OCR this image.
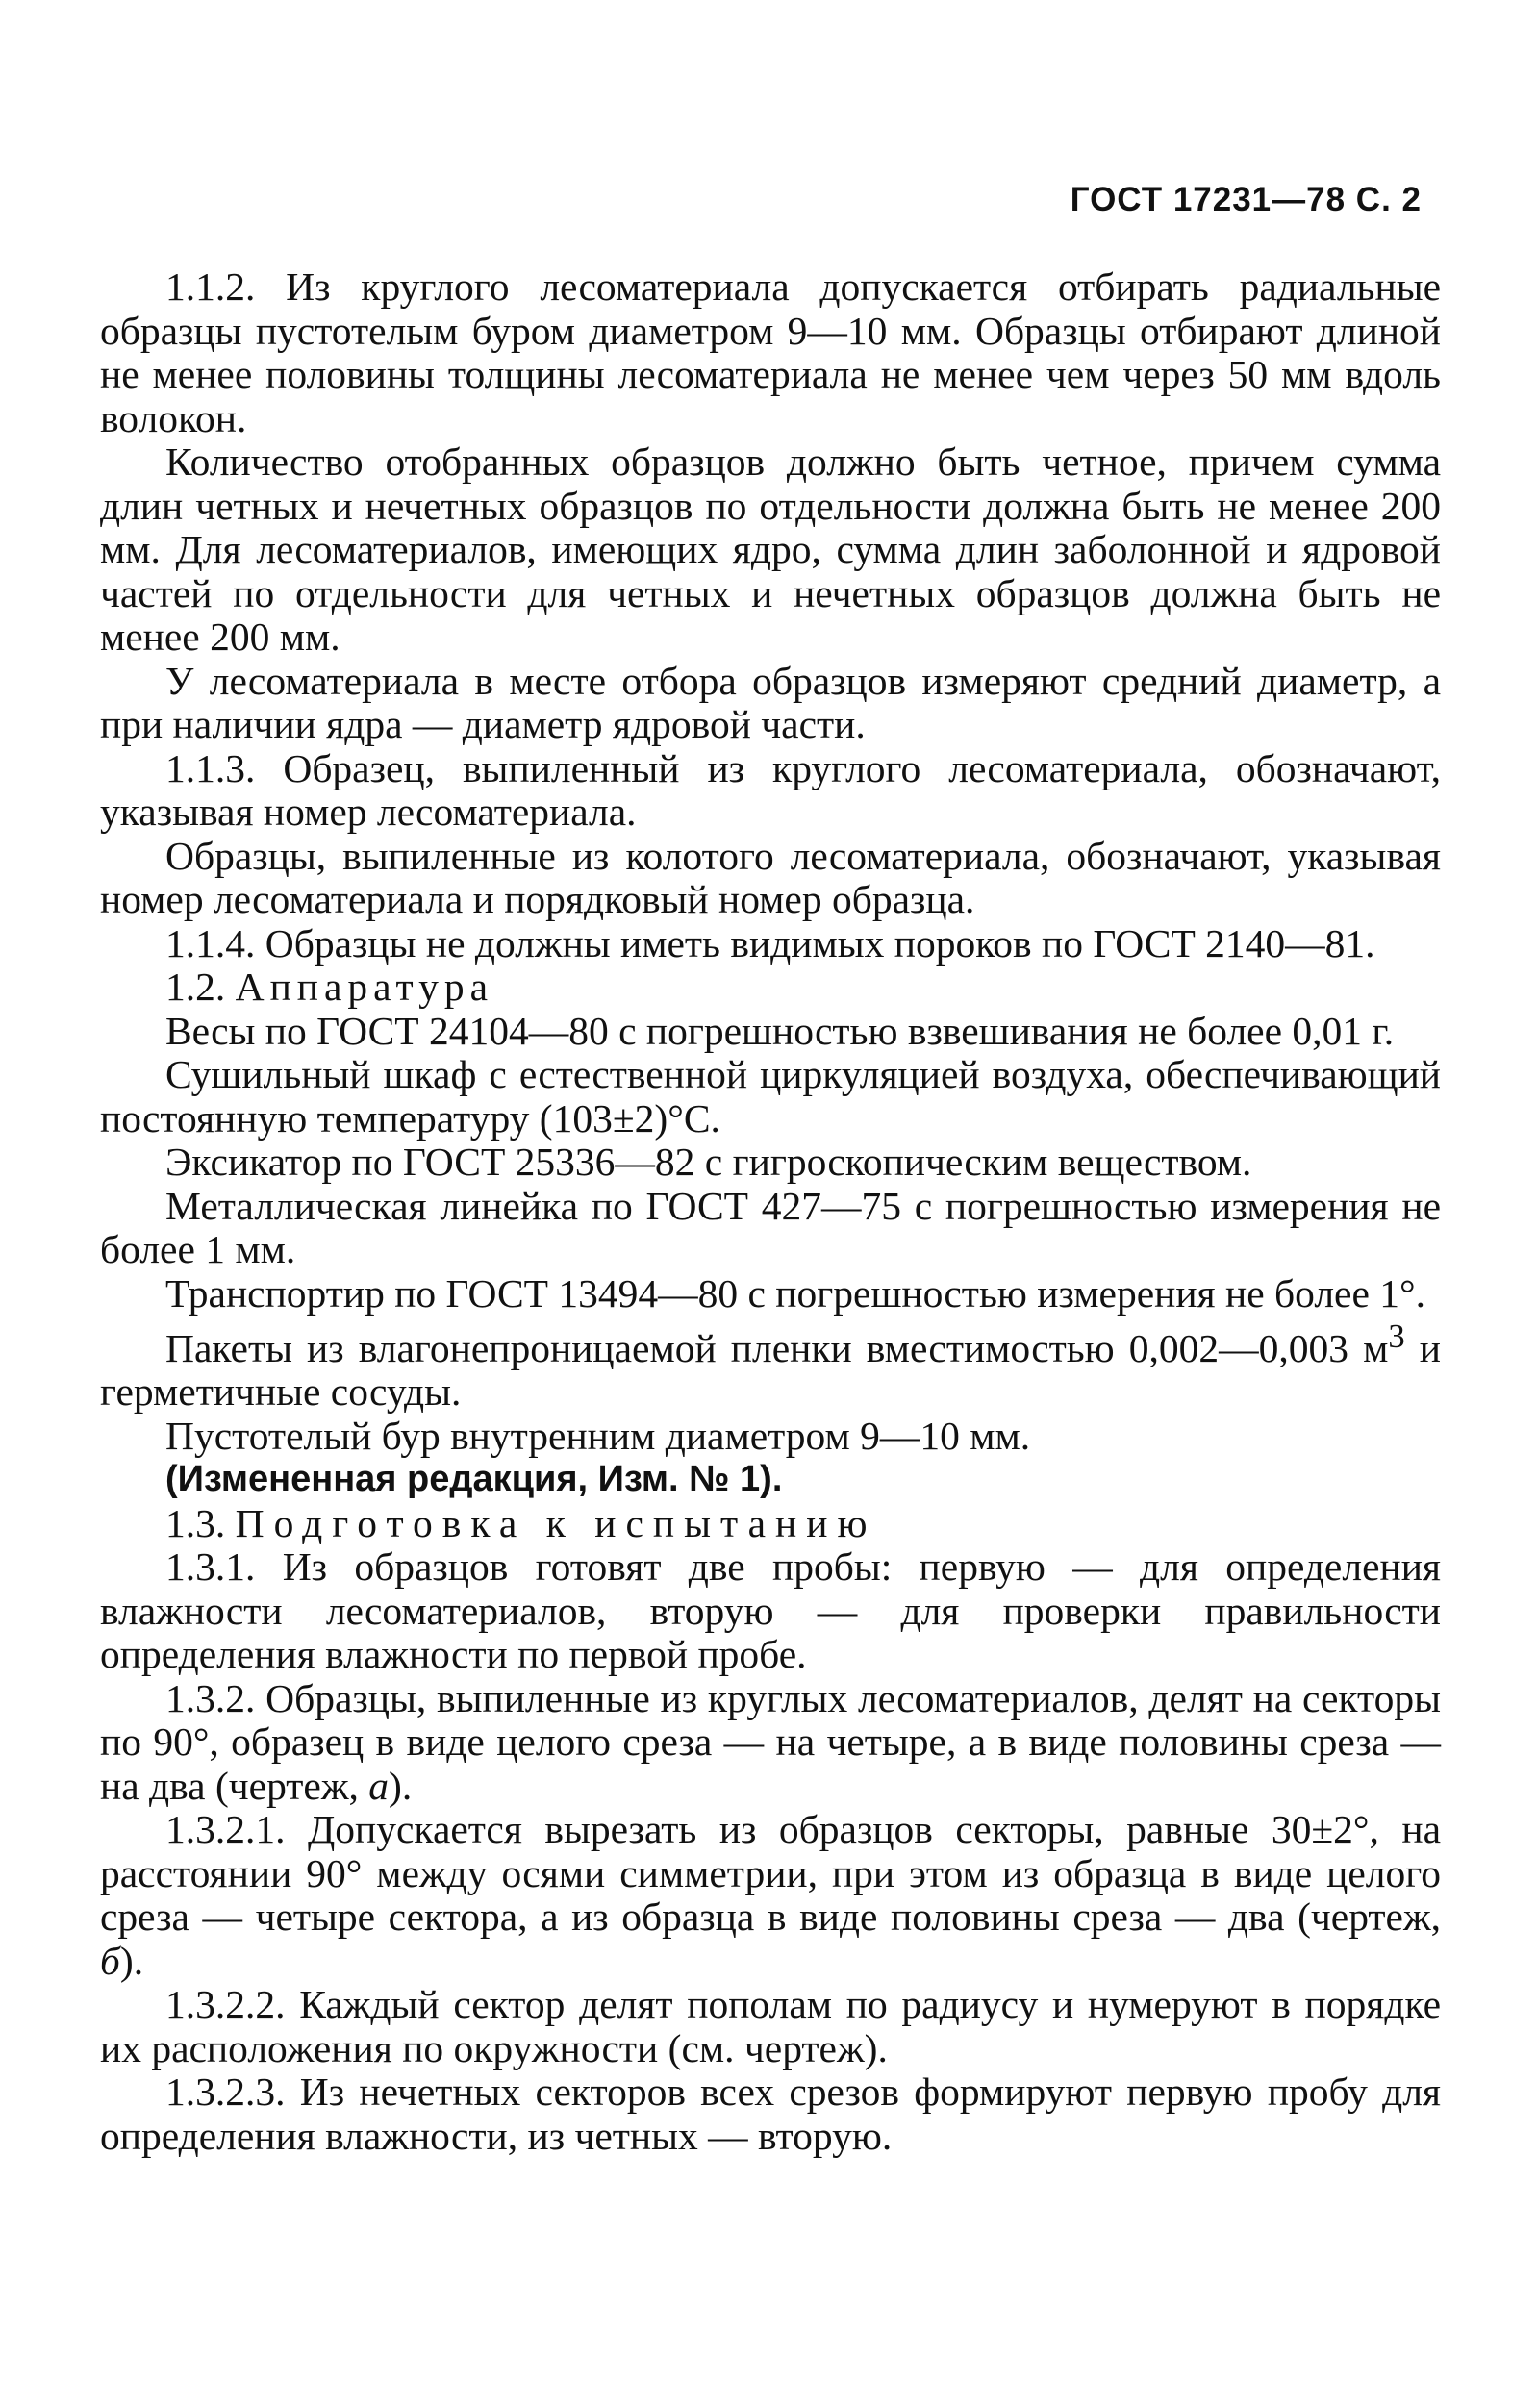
ГОСТ 17231—78 С. 2

1.1.2. Из круглого лесоматериала допускается отбирать радиальные образцы пустотелым буром диаметром 9—10 мм. Образцы отбирают длиной не менее половины толщины лесоматериала не менее чем через 50 мм вдоль волокон.

Количество отобранных образцов должно быть четное, причем сумма длин четных и нечетных образцов по отдельности должна быть не менее 200 мм. Для лесоматериалов, имеющих ядро, сумма длин заболонной и ядровой частей по отдельности для четных и нечетных образцов должна быть не менее 200 мм.

У лесоматериала в месте отбора образцов измеряют средний диаметр, а при наличии ядра — диаметр ядровой части.

1.1.3. Образец, выпиленный из круглого лесоматериала, обозначают, указывая номер лесоматериала.

Образцы, выпиленные из колотого лесоматериала, обозначают, указывая номер лесоматериала и порядковый номер образца.

1.1.4. Образцы не должны иметь видимых пороков по ГОСТ 2140—81.

1.2. Аппаратура

Весы по ГОСТ 24104—80 с погрешностью взвешивания не более 0,01 г.

Сушильный шкаф с естественной циркуляцией воздуха, обеспечивающий постоянную температуру (103±2)°С.

Эксикатор по ГОСТ 25336—82 с гигроскопическим веществом.

Металлическая линейка по ГОСТ 427—75 с погрешностью измерения не более 1 мм.

Транспортир по ГОСТ 13494—80 с погрешностью измерения не более 1°.

Пакеты из влагонепроницаемой пленки вместимостью 0,002—0,003 $м^3$ и герметичные сосуды.

Пустотелый бур внутренним диаметром 9—10 мм.

(Измененная редакция, Изм. № 1).

1.3. Подготовка к испытанию

1.3.1. Из образцов готовят две пробы: первую — для определения влажности лесоматериалов, вторую — для проверки правильности определения влажности по первой пробе.

1.3.2. Образцы, выпиленные из круглых лесоматериалов, делят на секторы по 90°, образец в виде целого среза — на четыре, а в виде половины среза — на два (чертеж, а).

1.3.2.1. Допускается вырезать из образцов секторы, равные 30±2°, на расстоянии 90° между осями симметрии, при этом из образца в виде целого среза — четыре сектора, а из образца в виде половины среза — два (чертеж, б).

1.3.2.2. Каждый сектор делят пополам по радиусу и нумеруют в порядке их расположения по окружности (см. чертеж).

1.3.2.3. Из нечетных секторов всех срезов формируют первую пробу для определения влажности, из четных — вторую.
